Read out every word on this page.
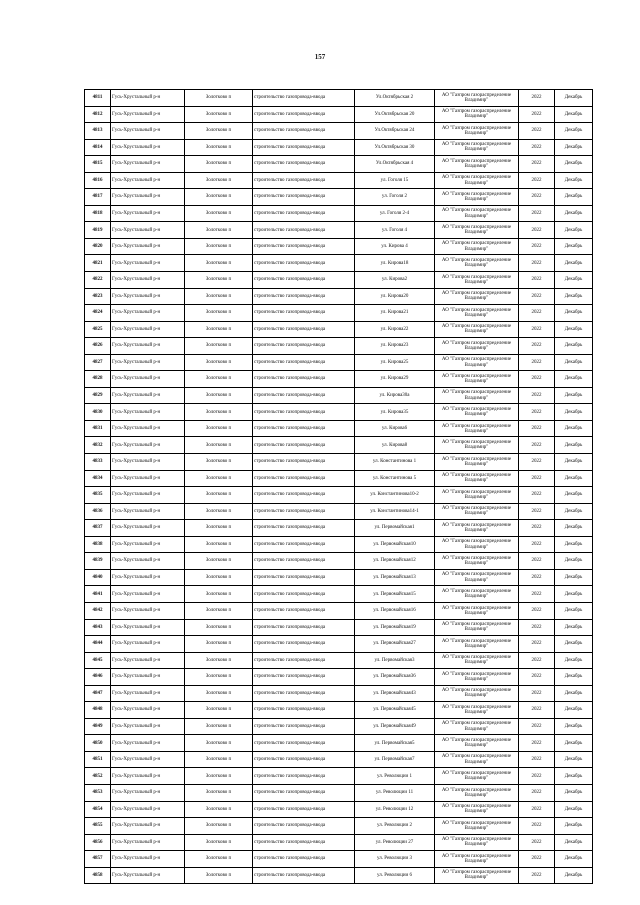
157
4811	Гусь-Хрустальный р-н	Золотково п	строительство газопровода-ввода	Ул.Октябрьская 2	АО "Газпром газораспределение Владимир"	2022	Декабрь
4812	Гусь-Хрустальный р-н	Золотково п	строительство газопровода-ввода	Ул.Октябрьская 20	АО "Газпром газораспределение Владимир"	2022	Декабрь
4813	Гусь-Хрустальный р-н	Золотково п	строительство газопровода-ввода	Ул.Октябрьская 24	АО "Газпром газораспределение Владимир"	2022	Декабрь
4814	Гусь-Хрустальный р-н	Золотково п	строительство газопровода-ввода	Ул.Октябрьская 30	АО "Газпром газораспределение Владимир"	2022	Декабрь
4815	Гусь-Хрустальный р-н	Золотково п	строительство газопровода-ввода	Ул.Октябрьская 4	АО "Газпром газораспределение Владимир"	2022	Декабрь
4816	Гусь-Хрустальный р-н	Золотково п	строительство газопровода-ввода	ул. Гоголя 15	АО "Газпром газораспределение Владимир"	2022	Декабрь
4817	Гусь-Хрустальный р-н	Золотково п	строительство газопровода-ввода	ул. Гоголя 2	АО "Газпром газораспределение Владимир"	2022	Декабрь
4818	Гусь-Хрустальный р-н	Золотково п	строительство газопровода-ввода	ул. Гоголя 2-4	АО "Газпром газораспределение Владимир"	2022	Декабрь
4819	Гусь-Хрустальный р-н	Золотково п	строительство газопровода-ввода	ул. Гоголя 4	АО "Газпром газораспределение Владимир"	2022	Декабрь
4820	Гусь-Хрустальный р-н	Золотково п	строительство газопровода-ввода	ул. Кирова 4	АО "Газпром газораспределение Владимир"	2022	Декабрь
4821	Гусь-Хрустальный р-н	Золотково п	строительство газопровода-ввода	ул. Кирова18	АО "Газпром газораспределение Владимир"	2022	Декабрь
4822	Гусь-Хрустальный р-н	Золотково п	строительство газопровода-ввода	ул. Кирова2	АО "Газпром газораспределение Владимир"	2022	Декабрь
4823	Гусь-Хрустальный р-н	Золотково п	строительство газопровода-ввода	ул. Кирова20	АО "Газпром газораспределение Владимир"	2022	Декабрь
4824	Гусь-Хрустальный р-н	Золотково п	строительство газопровода-ввода	ул. Кирова21	АО "Газпром газораспределение Владимир"	2022	Декабрь
4825	Гусь-Хрустальный р-н	Золотково п	строительство газопровода-ввода	ул. Кирова22	АО "Газпром газораспределение Владимир"	2022	Декабрь
4826	Гусь-Хрустальный р-н	Золотково п	строительство газопровода-ввода	ул. Кирова23	АО "Газпром газораспределение Владимир"	2022	Декабрь
4827	Гусь-Хрустальный р-н	Золотково п	строительство газопровода-ввода	ул. Кирова25	АО "Газпром газораспределение Владимир"	2022	Декабрь
4828	Гусь-Хрустальный р-н	Золотково п	строительство газопровода-ввода	ул. Кирова29	АО "Газпром газораспределение Владимир"	2022	Декабрь
4829	Гусь-Хрустальный р-н	Золотково п	строительство газопровода-ввода	ул. Кирова30а	АО "Газпром газораспределение Владимир"	2022	Декабрь
4830	Гусь-Хрустальный р-н	Золотково п	строительство газопровода-ввода	ул. Кирова35	АО "Газпром газораспределение Владимир"	2022	Декабрь
4831	Гусь-Хрустальный р-н	Золотково п	строительство газопровода-ввода	ул. Кирова6	АО "Газпром газораспределение Владимир"	2022	Декабрь
4832	Гусь-Хрустальный р-н	Золотково п	строительство газопровода-ввода	ул. Кирова8	АО "Газпром газораспределение Владимир"	2022	Декабрь
4833	Гусь-Хрустальный р-н	Золотково п	строительство газопровода-ввода	ул. Константинова 1	АО "Газпром газораспределение Владимир"	2022	Декабрь
4834	Гусь-Хрустальный р-н	Золотково п	строительство газопровода-ввода	ул. Константинова 5	АО "Газпром газораспределение Владимир"	2022	Декабрь
4835	Гусь-Хрустальный р-н	Золотково п	строительство газопровода-ввода	ул. Константинова10-2	АО "Газпром газораспределение Владимир"	2022	Декабрь
4836	Гусь-Хрустальный р-н	Золотково п	строительство газопровода-ввода	ул. Константинова14-1	АО "Газпром газораспределение Владимир"	2022	Декабрь
4837	Гусь-Хрустальный р-н	Золотково п	строительство газопровода-ввода	ул. Первомайская1	АО "Газпром газораспределение Владимир"	2022	Декабрь
4838	Гусь-Хрустальный р-н	Золотково п	строительство газопровода-ввода	ул. Первомайская10	АО "Газпром газораспределение Владимир"	2022	Декабрь
4839	Гусь-Хрустальный р-н	Золотково п	строительство газопровода-ввода	ул. Первомайская12	АО "Газпром газораспределение Владимир"	2022	Декабрь
4840	Гусь-Хрустальный р-н	Золотково п	строительство газопровода-ввода	ул. Первомайская13	АО "Газпром газораспределение Владимир"	2022	Декабрь
4841	Гусь-Хрустальный р-н	Золотково п	строительство газопровода-ввода	ул. Первомайская15	АО "Газпром газораспределение Владимир"	2022	Декабрь
4842	Гусь-Хрустальный р-н	Золотково п	строительство газопровода-ввода	ул. Первомайская16	АО "Газпром газораспределение Владимир"	2022	Декабрь
4843	Гусь-Хрустальный р-н	Золотково п	строительство газопровода-ввода	ул. Первомайская19	АО "Газпром газораспределение Владимир"	2022	Декабрь
4844	Гусь-Хрустальный р-н	Золотково п	строительство газопровода-ввода	ул. Первомайская27	АО "Газпром газораспределение Владимир"	2022	Декабрь
4845	Гусь-Хрустальный р-н	Золотково п	строительство газопровода-ввода	ул. Первомайская3	АО "Газпром газораспределение Владимир"	2022	Декабрь
4846	Гусь-Хрустальный р-н	Золотково п	строительство газопровода-ввода	ул. Первомайская36	АО "Газпром газораспределение Владимир"	2022	Декабрь
4847	Гусь-Хрустальный р-н	Золотково п	строительство газопровода-ввода	ул. Первомайская43	АО "Газпром газораспределение Владимир"	2022	Декабрь
4848	Гусь-Хрустальный р-н	Золотково п	строительство газопровода-ввода	ул. Первомайская45	АО "Газпром газораспределение Владимир"	2022	Декабрь
4849	Гусь-Хрустальный р-н	Золотково п	строительство газопровода-ввода	ул. Первомайская49	АО "Газпром газораспределение Владимир"	2022	Декабрь
4850	Гусь-Хрустальный р-н	Золотково п	строительство газопровода-ввода	ул. Первомайская5	АО "Газпром газораспределение Владимир"	2022	Декабрь
4851	Гусь-Хрустальный р-н	Золотково п	строительство газопровода-ввода	ул. Первомайская7	АО "Газпром газораспределение Владимир"	2022	Декабрь
4852	Гусь-Хрустальный р-н	Золотково п	строительство газопровода-ввода	ул. Революции 1	АО "Газпром газораспределение Владимир"	2022	Декабрь
4853	Гусь-Хрустальный р-н	Золотково п	строительство газопровода-ввода	ул. Революции 11	АО "Газпром газораспределение Владимир"	2022	Декабрь
4854	Гусь-Хрустальный р-н	Золотково п	строительство газопровода-ввода	ул. Революции 12	АО "Газпром газораспределение Владимир"	2022	Декабрь
4855	Гусь-Хрустальный р-н	Золотково п	строительство газопровода-ввода	ул. Революции 2	АО "Газпром газораспределение Владимир"	2022	Декабрь
4856	Гусь-Хрустальный р-н	Золотково п	строительство газопровода-ввода	ул. Революции 27	АО "Газпром газораспределение Владимир"	2022	Декабрь
4857	Гусь-Хрустальный р-н	Золотково п	строительство газопровода-ввода	ул. Революции 3	АО "Газпром газораспределение Владимир"	2022	Декабрь
4858	Гусь-Хрустальный р-н	Золотково п	строительство газопровода-ввода	ул. Революции 6	АО "Газпром газораспределение Владимир"	2022	Декабрь
